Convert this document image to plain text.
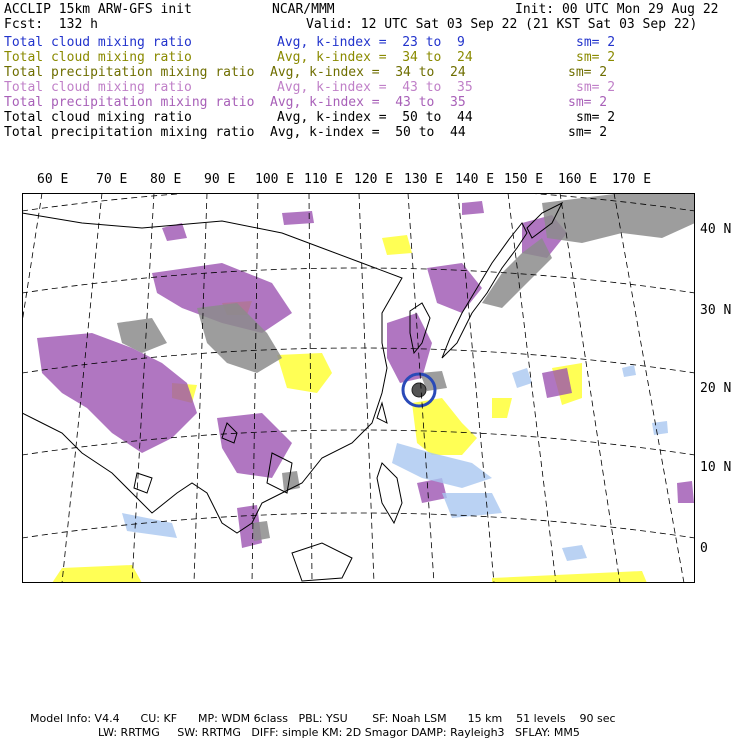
ACCLIP 15km ARW-GFS init	NCAR/MMM	Init: 00 UTC Mon 29 Aug 22
Fcst:  132 h	Valid: 12 UTC Sat 03 Sep 22 (21 KST Sat 03 Sep 22)
Total cloud mixing ratio	Avg, k-index =  23 to  9	sm= 2
Total cloud mixing ratio	Avg, k-index =  34 to  24	sm= 2
Total precipitation mixing ratio Avg, k-index =  34 to  24	sm= 2
Total cloud mixing ratio	Avg, k-index =  43 to  35	sm= 2
Total precipitation mixing ratio Avg, k-index =  43 to  35	sm= 2
Total cloud mixing ratio	Avg, k-index =  50 to  44	sm= 2
Total precipitation mixing ratio Avg, k-index =  50 to  44	sm= 2
60 E 70 E 80 E 90 E 100 E 110 E 120 E 130 E 140 E 150 E 160 E 170 E
40 N
30 N
20 N
10 N
0
Model Info: V4.4      CU: KF      MP: WDM 6class   PBL: YSU       SF: Noah LSM      15 km    51 levels    90 sec
LW: RRTMG     SW: RRTMG   DIFF: simple KM: 2D Smagor DAMP: Rayleigh3   SFLAY: MM5
